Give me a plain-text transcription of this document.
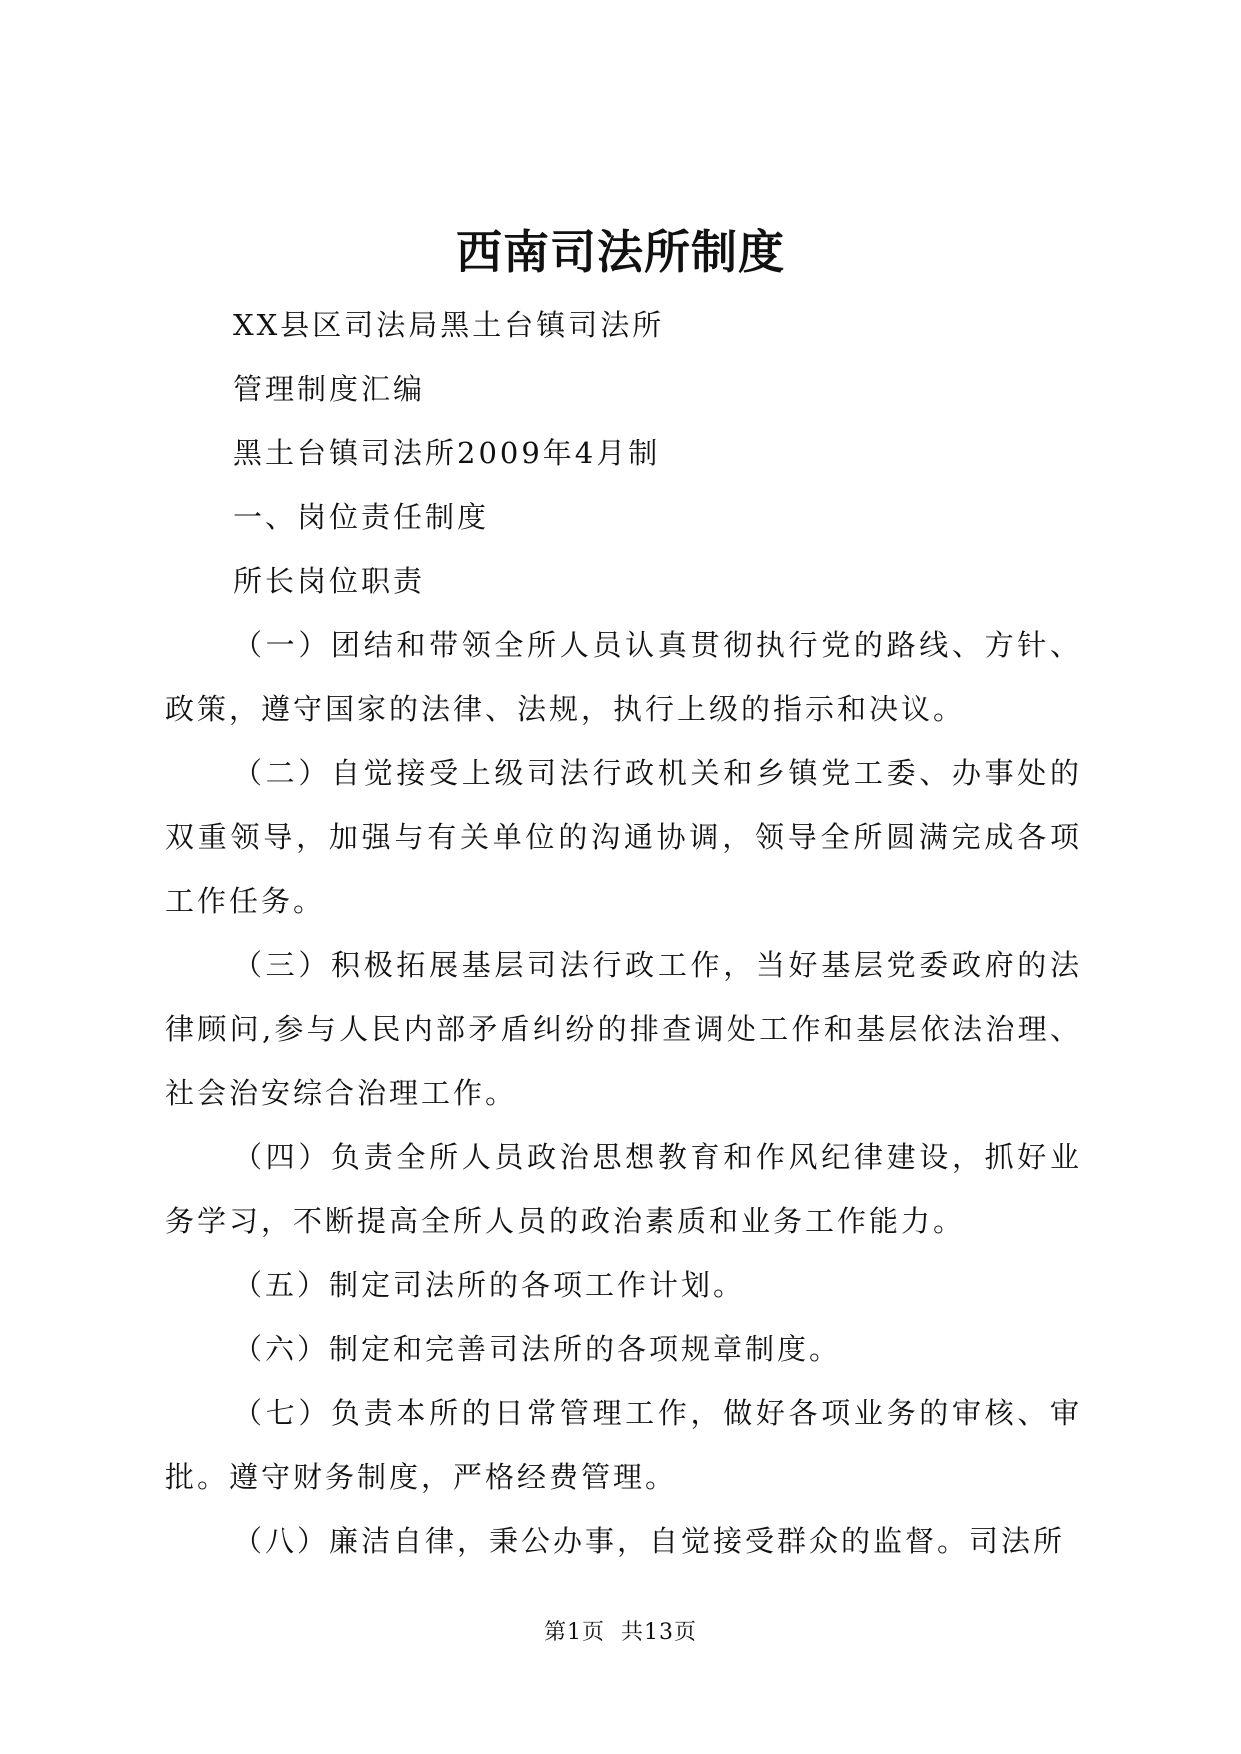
西南司法所制度

XX县区司法局黑土台镇司法所

管理制度汇编

黑土台镇司法所2009年4月制

一、岗位责任制度

所长岗位职责

（一）团结和带领全所人员认真贯彻执行党的路线、方针、政策，遵守国家的法律、法规，执行上级的指示和决议。

（二）自觉接受上级司法行政机关和乡镇党工委、办事处的双重领导，加强与有关单位的沟通协调，领导全所圆满完成各项工作任务。

（三）积极拓展基层司法行政工作，当好基层党委政府的法律顾问,参与人民内部矛盾纠纷的排查调处工作和基层依法治理、社会治安综合治理工作。

（四）负责全所人员政治思想教育和作风纪律建设，抓好业务学习，不断提高全所人员的政治素质和业务工作能力。

（五）制定司法所的各项工作计划。

（六）制定和完善司法所的各项规章制度。

（七）负责本所的日常管理工作，做好各项业务的审核、审批。遵守财务制度，严格经费管理。

（八）廉洁自律，秉公办事，自觉接受群众的监督。司法所

第1页 共13页
